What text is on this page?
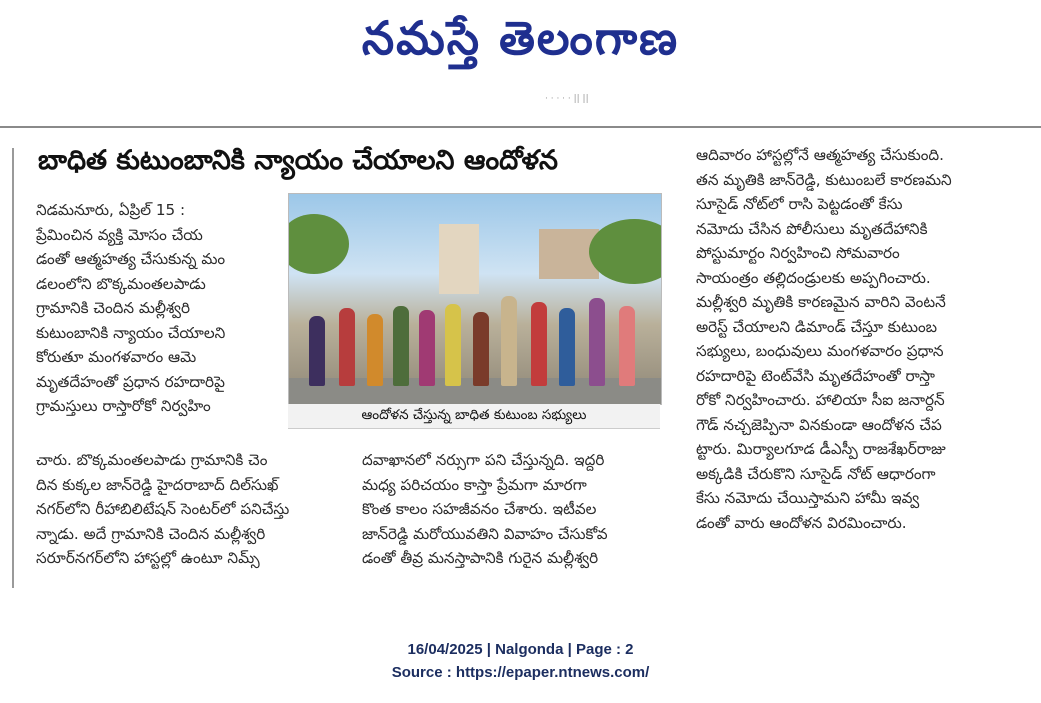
నమస్తే తెలంగాణ
· · · · · || ||
బాధిత కుటుంబానికి న్యాయం చేయాలని ఆందోళన
నిడమనూరు, ఏప్రిల్ 15 :
ప్రేమించిన వ్యక్తి మోసం చేయ
డంతో ఆత్మహత్య చేసుకున్న మం
డలంలోని బొక్కమంతలపాడు
గ్రామానికి చెందిన మల్లీశ్వరి
కుటుంబానికి న్యాయం చేయాలని
కోరుతూ మంగళవారం ఆమె
మృతదేహంతో ప్రధాన రహదారిపై
గ్రామస్తులు రాస్తారోకో నిర్వహిం	ఆందోళన చేస్తున్న బాధిత కుటుంబ సభ్యులు
చారు. బొక్కమంతలపాడు గ్రామానికి చెం
దిన కుక్కల జాన్‌రెడ్డి హైదరాబాద్ దిల్‌సుఖ్
నగర్‌లోని రీహాబిలిటేషన్ సెంటర్‌లో పనిచేస్తు
న్నాడు. అదే గ్రామానికి చెందిన మల్లీశ్వరి
సరూర్‌నగర్‌లోని హాస్టల్లో ఉంటూ నిమ్స్
దవాఖానలో నర్సుగా పని చేస్తున్నది. ఇద్దరి
మధ్య పరిచయం కాస్తా ప్రేమగా మారగా
కొంత కాలం సహజీవనం చేశారు. ఇటీవల
జాన్‌రెడ్డి మరోయువతిని వివాహం చేసుకోవ
డంతో తీవ్ర మనస్తాపానికి గురైన మల్లీశ్వరి
ఆదివారం హాస్టల్లోనే ఆత్మహత్య చేసుకుంది.
తన మృతికి జాన్‌రెడ్డి, కుటుంబలే కారణమని
సూసైడ్ నోట్‌లో రాసి పెట్టడంతో కేసు
నమోదు చేసిన పోలీసులు మృతదేహానికి
పోస్టుమార్టం నిర్వహించి సోమవారం
సాయంత్రం తల్లిదండ్రులకు అప్పగించారు.
మల్లీశ్వరి మృతికి కారణమైన వారిని వెంటనే
అరెస్ట్ చేయాలని డిమాండ్ చేస్తూ కుటుంబ
సభ్యులు, బంధువులు మంగళవారం ప్రధాన
రహదారిపై టెంట్‌వేసి మృతదేహంతో రాస్తా
రోకో నిర్వహించారు. హాలియా సీఐ జనార్దన్
గౌడ్ నచ్చజెప్పినా వినకుండా ఆందోళన చేప
ట్టారు. మిర్యాలగూడ డీఎస్పీ రాజశేఖర్‌రాజు
అక్కడికి చేరుకొని సూసైడ్ నోట్ ఆధారంగా
కేసు నమోదు చేయిస్తామని హామీ ఇవ్వ
డంతో వారు ఆందోళన విరమించారు.
16/04/2025 | Nalgonda | Page : 2
Source : https://epaper.ntnews.com/
